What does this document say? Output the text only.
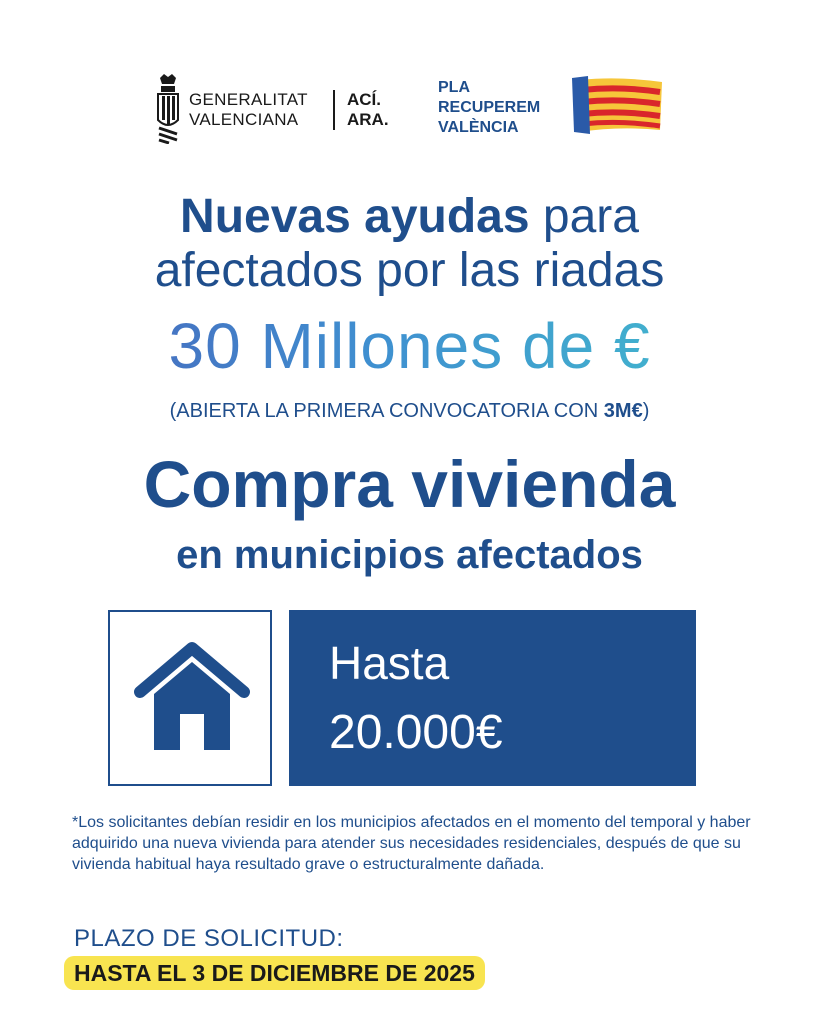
GENERALITAT
VALENCIANA
ACÍ.
ARA.
PLA
RECUPEREM
VALÈNCIA
Nuevas ayudas para
afectados por las riadas
30 Millones de €
(ABIERTA LA PRIMERA CONVOCATORIA CON 3M€)
Compra vivienda
en municipios afectados
Hasta
20.000€
*Los solicitantes debían residir en los municipios afectados en el momento del temporal y haber adquirido una nueva vivienda para atender sus necesidades residenciales, después de que su vivienda habitual haya resultado grave o estructuralmente dañada.
PLAZO DE SOLICITUD:
HASTA EL 3 DE DICIEMBRE DE 2025
